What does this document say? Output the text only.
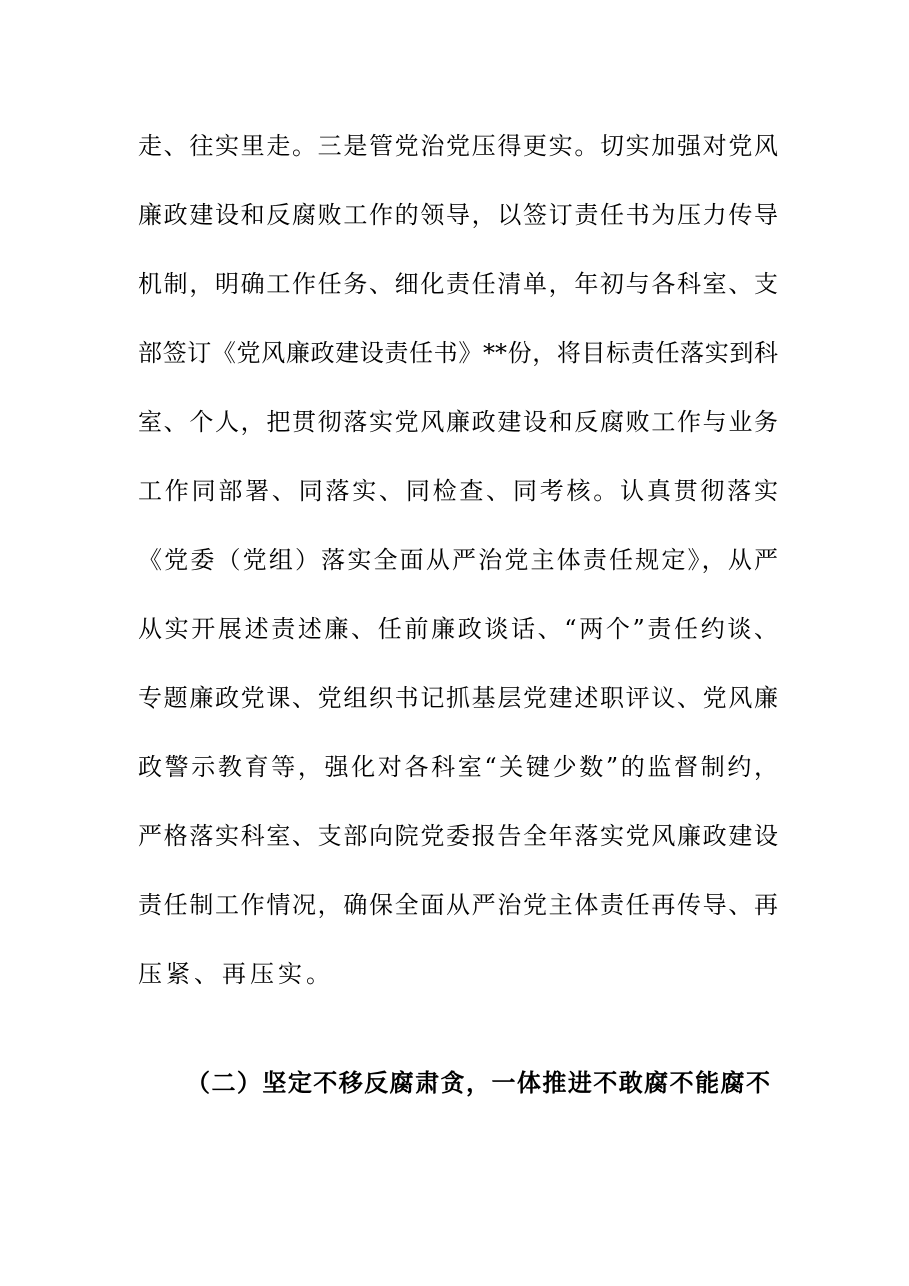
走、往实里走。三是管党治党压得更实。切实加强对党风
廉政建设和反腐败工作的领导，以签订责任书为压力传导
机制，明确工作任务、细化责任清单，年初与各科室、支
部签订《党风廉政建设责任书》**份，将目标责任落实到科
室、个人，把贯彻落实党风廉政建设和反腐败工作与业务
工作同部署、同落实、同检查、同考核。认真贯彻落实
《党委（党组）落实全面从严治党主体责任规定》，从严
从实开展述责述廉、任前廉政谈话、“两个”责任约谈、
专题廉政党课、党组织书记抓基层党建述职评议、党风廉
政警示教育等，强化对各科室“关键少数”的监督制约，
严格落实科室、支部向院党委报告全年落实党风廉政建设
责任制工作情况，确保全面从严治党主体责任再传导、再
压紧、再压实。
（二）坚定不移反腐肃贪，一体推进不敢腐不能腐不
